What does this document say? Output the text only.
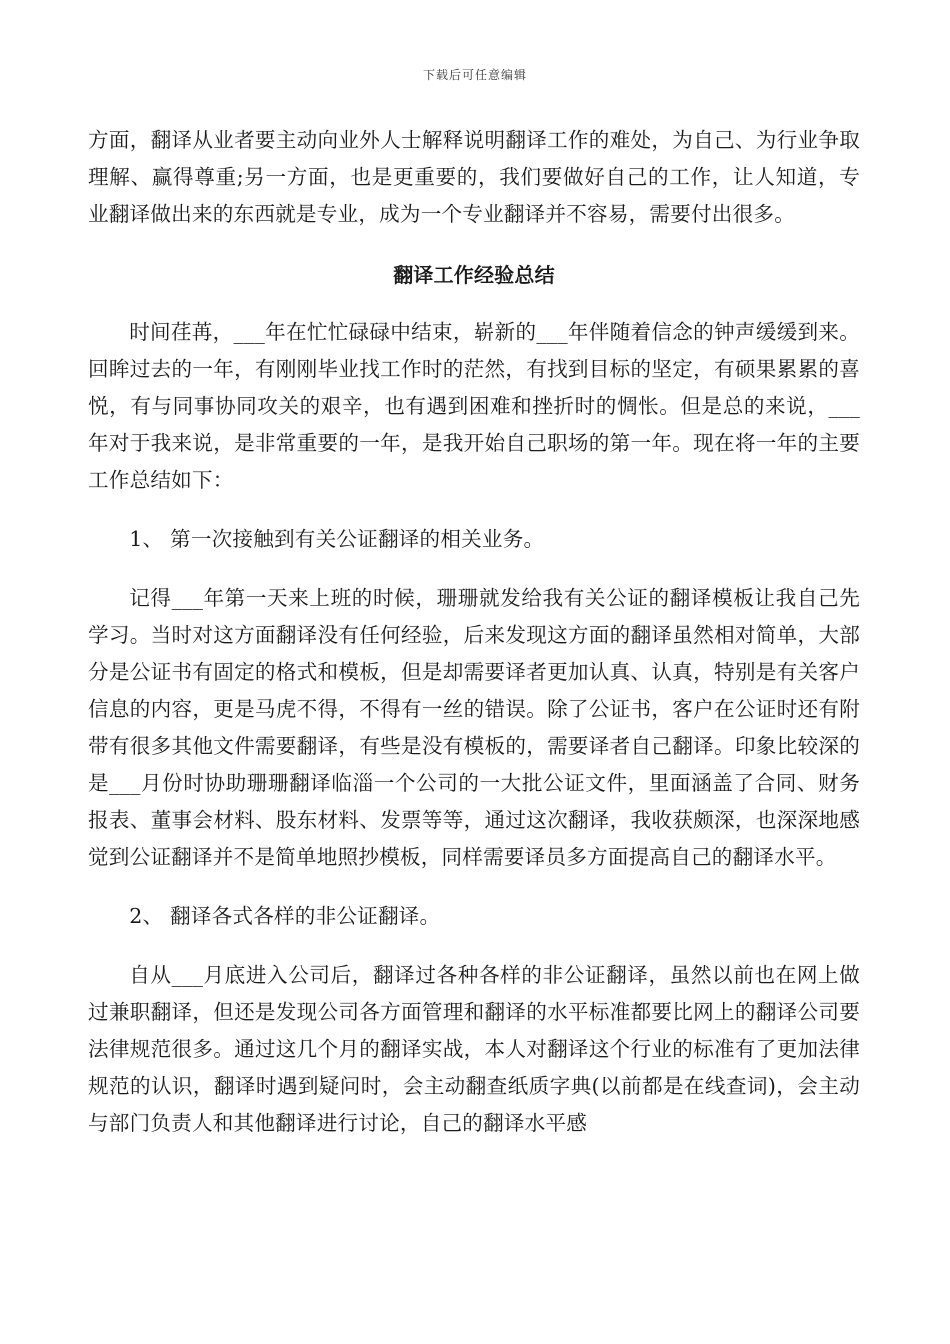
下载后可任意编辑

方面，翻译从业者要主动向业外人士解释说明翻译工作的难处，为自己、为行业争取理解、赢得尊重;另一方面，也是更重要的，我们要做好自己的工作，让人知道，专业翻译做出来的东西就是专业，成为一个专业翻译并不容易，需要付出很多。

翻译工作经验总结

时间荏苒，___年在忙忙碌碌中结束，崭新的___年伴随着信念的钟声缓缓到来。回眸过去的一年，有刚刚毕业找工作时的茫然，有找到目标的坚定，有硕果累累的喜悦，有与同事协同攻关的艰辛，也有遇到困难和挫折时的惆怅。但是总的来说，___年对于我来说，是非常重要的一年，是我开始自己职场的第一年。现在将一年的主要工作总结如下：

1、 第一次接触到有关公证翻译的相关业务。

记得___年第一天来上班的时候，珊珊就发给我有关公证的翻译模板让我自己先学习。当时对这方面翻译没有任何经验，后来发现这方面的翻译虽然相对简单，大部分是公证书有固定的格式和模板，但是却需要译者更加认真、认真，特别是有关客户信息的内容，更是马虎不得，不得有一丝的错误。除了公证书，客户在公证时还有附带有很多其他文件需要翻译，有些是没有模板的，需要译者自己翻译。印象比较深的是___月份时协助珊珊翻译临淄一个公司的一大批公证文件，里面涵盖了合同、财务报表、董事会材料、股东材料、发票等等，通过这次翻译，我收获颇深，也深深地感觉到公证翻译并不是简单地照抄模板，同样需要译员多方面提高自己的翻译水平。

2、 翻译各式各样的非公证翻译。

自从___月底进入公司后，翻译过各种各样的非公证翻译，虽然以前也在网上做过兼职翻译，但还是发现公司各方面管理和翻译的水平标准都要比网上的翻译公司要法律规范很多。通过这几个月的翻译实战，本人对翻译这个行业的标准有了更加法律规范的认识，翻译时遇到疑问时，会主动翻查纸质字典(以前都是在线查词)，会主动与部门负责人和其他翻译进行讨论，自己的翻译水平感
